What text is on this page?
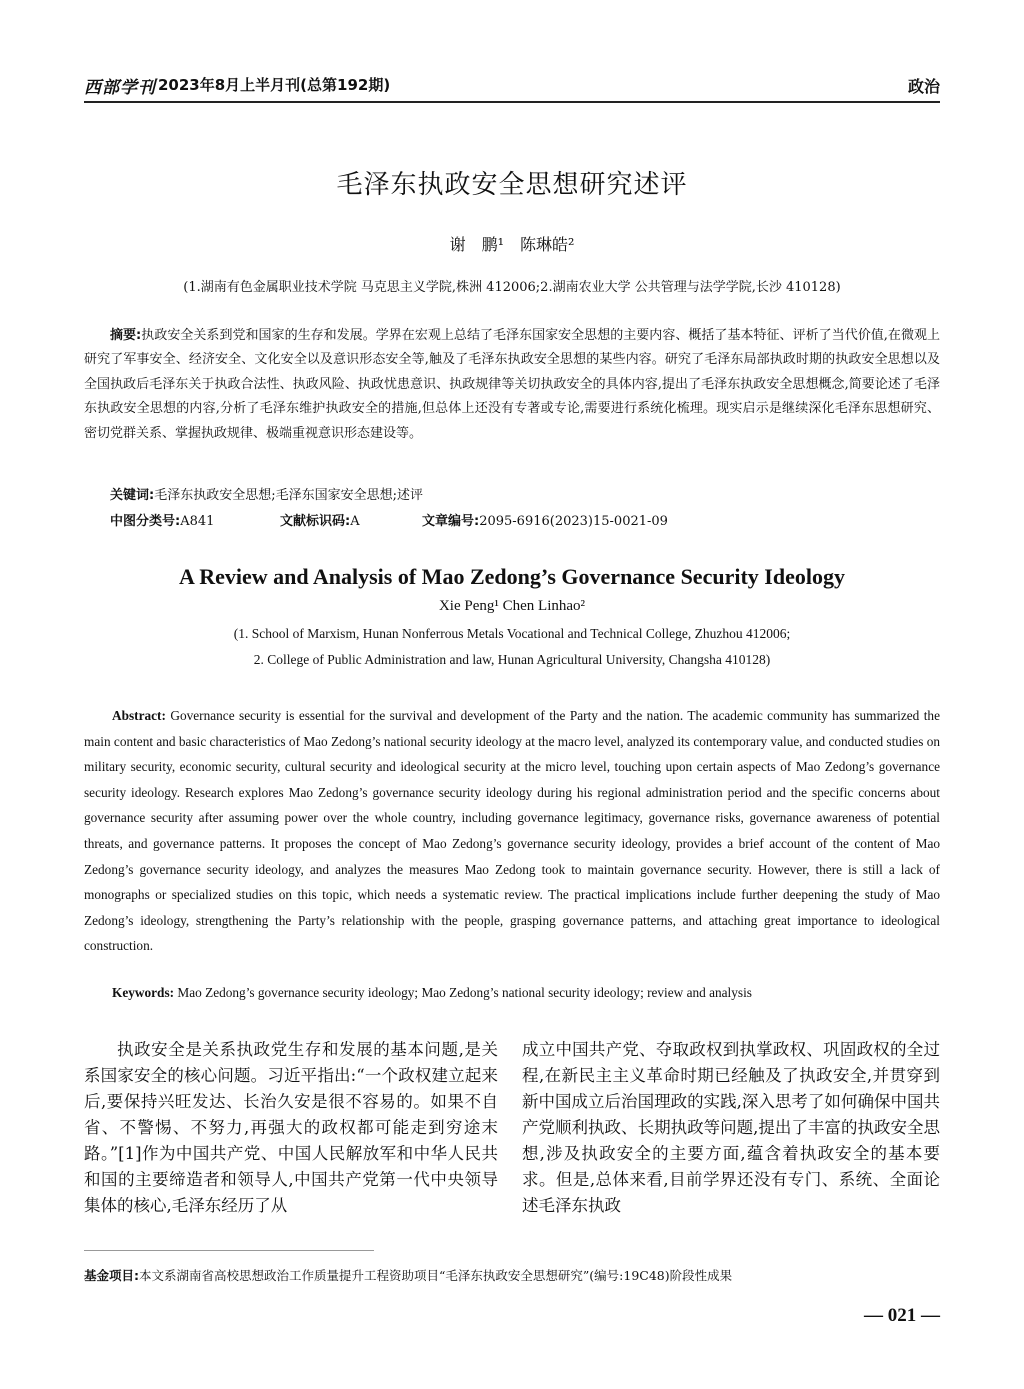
西部学刊 2023年8月上半月刊(总第192期)	政治
毛泽东执政安全思想研究述评
谢　鹏¹　陈琳皓²
(1.湖南有色金属职业技术学院 马克思主义学院,株洲 412006;2.湖南农业大学 公共管理与法学学院,长沙 410128)
摘要:执政安全关系到党和国家的生存和发展。学界在宏观上总结了毛泽东国家安全思想的主要内容、概括了基本特征、评析了当代价值,在微观上研究了军事安全、经济安全、文化安全以及意识形态安全等,触及了毛泽东执政安全思想的某些内容。研究了毛泽东局部执政时期的执政安全思想以及全国执政后毛泽东关于执政合法性、执政风险、执政忧患意识、执政规律等关切执政安全的具体内容,提出了毛泽东执政安全思想概念,简要论述了毛泽东执政安全思想的内容,分析了毛泽东维护执政安全的措施,但总体上还没有专著或专论,需要进行系统化梳理。现实启示是继续深化毛泽东思想研究、密切党群关系、掌握执政规律、极端重视意识形态建设等。
关键词:毛泽东执政安全思想;毛泽东国家安全思想;述评
中图分类号:A841	文献标识码:A	文章编号:2095-6916(2023)15-0021-09
A Review and Analysis of Mao Zedong’s Governance Security Ideology
Xie Peng¹ Chen Linhao²
(1. School of Marxism, Hunan Nonferrous Metals Vocational and Technical College, Zhuzhou 412006;
2. College of Public Administration and law, Hunan Agricultural University, Changsha 410128)
Abstract: Governance security is essential for the survival and development of the Party and the nation. The academic community has summarized the main content and basic characteristics of Mao Zedong’s national security ideology at the macro level, analyzed its contemporary value, and conducted studies on military security, economic security, cultural security and ideological security at the micro level, touching upon certain aspects of Mao Zedong’s governance security ideology. Research explores Mao Zedong’s governance security ideology during his regional administration period and the specific concerns about governance security after assuming power over the whole country, including governance legitimacy, governance risks, governance awareness of potential threats, and governance patterns. It proposes the concept of Mao Zedong’s governance security ideology, provides a brief account of the content of Mao Zedong’s governance security ideology, and analyzes the measures Mao Zedong took to maintain governance security. However, there is still a lack of monographs or specialized studies on this topic, which needs a systematic review. The practical implications include further deepening the study of Mao Zedong’s ideology, strengthening the Party’s relationship with the people, grasping governance patterns, and attaching great importance to ideological construction.
Keywords: Mao Zedong’s governance security ideology; Mao Zedong’s national security ideology; review and analysis
执政安全是关系执政党生存和发展的基本问题,是关系国家安全的核心问题。习近平指出:“一个政权建立起来后,要保持兴旺发达、长治久安是很不容易的。如果不自省、不警惕、不努力,再强大的政权都可能走到穷途末路。”[1]作为中国共产党、中国人民解放军和中华人民共和国的主要缔造者和领导人,中国共产党第一代中央领导集体的核心,毛泽东经历了从
成立中国共产党、夺取政权到执掌政权、巩固政权的全过程,在新民主主义革命时期已经触及了执政安全,并贯穿到新中国成立后治国理政的实践,深入思考了如何确保中国共产党顺利执政、长期执政等问题,提出了丰富的执政安全思想,涉及执政安全的主要方面,蕴含着执政安全的基本要求。但是,总体来看,目前学界还没有专门、系统、全面论述毛泽东执政
基金项目:本文系湖南省高校思想政治工作质量提升工程资助项目“毛泽东执政安全思想研究”(编号:19C48)阶段性成果
— 021 —
